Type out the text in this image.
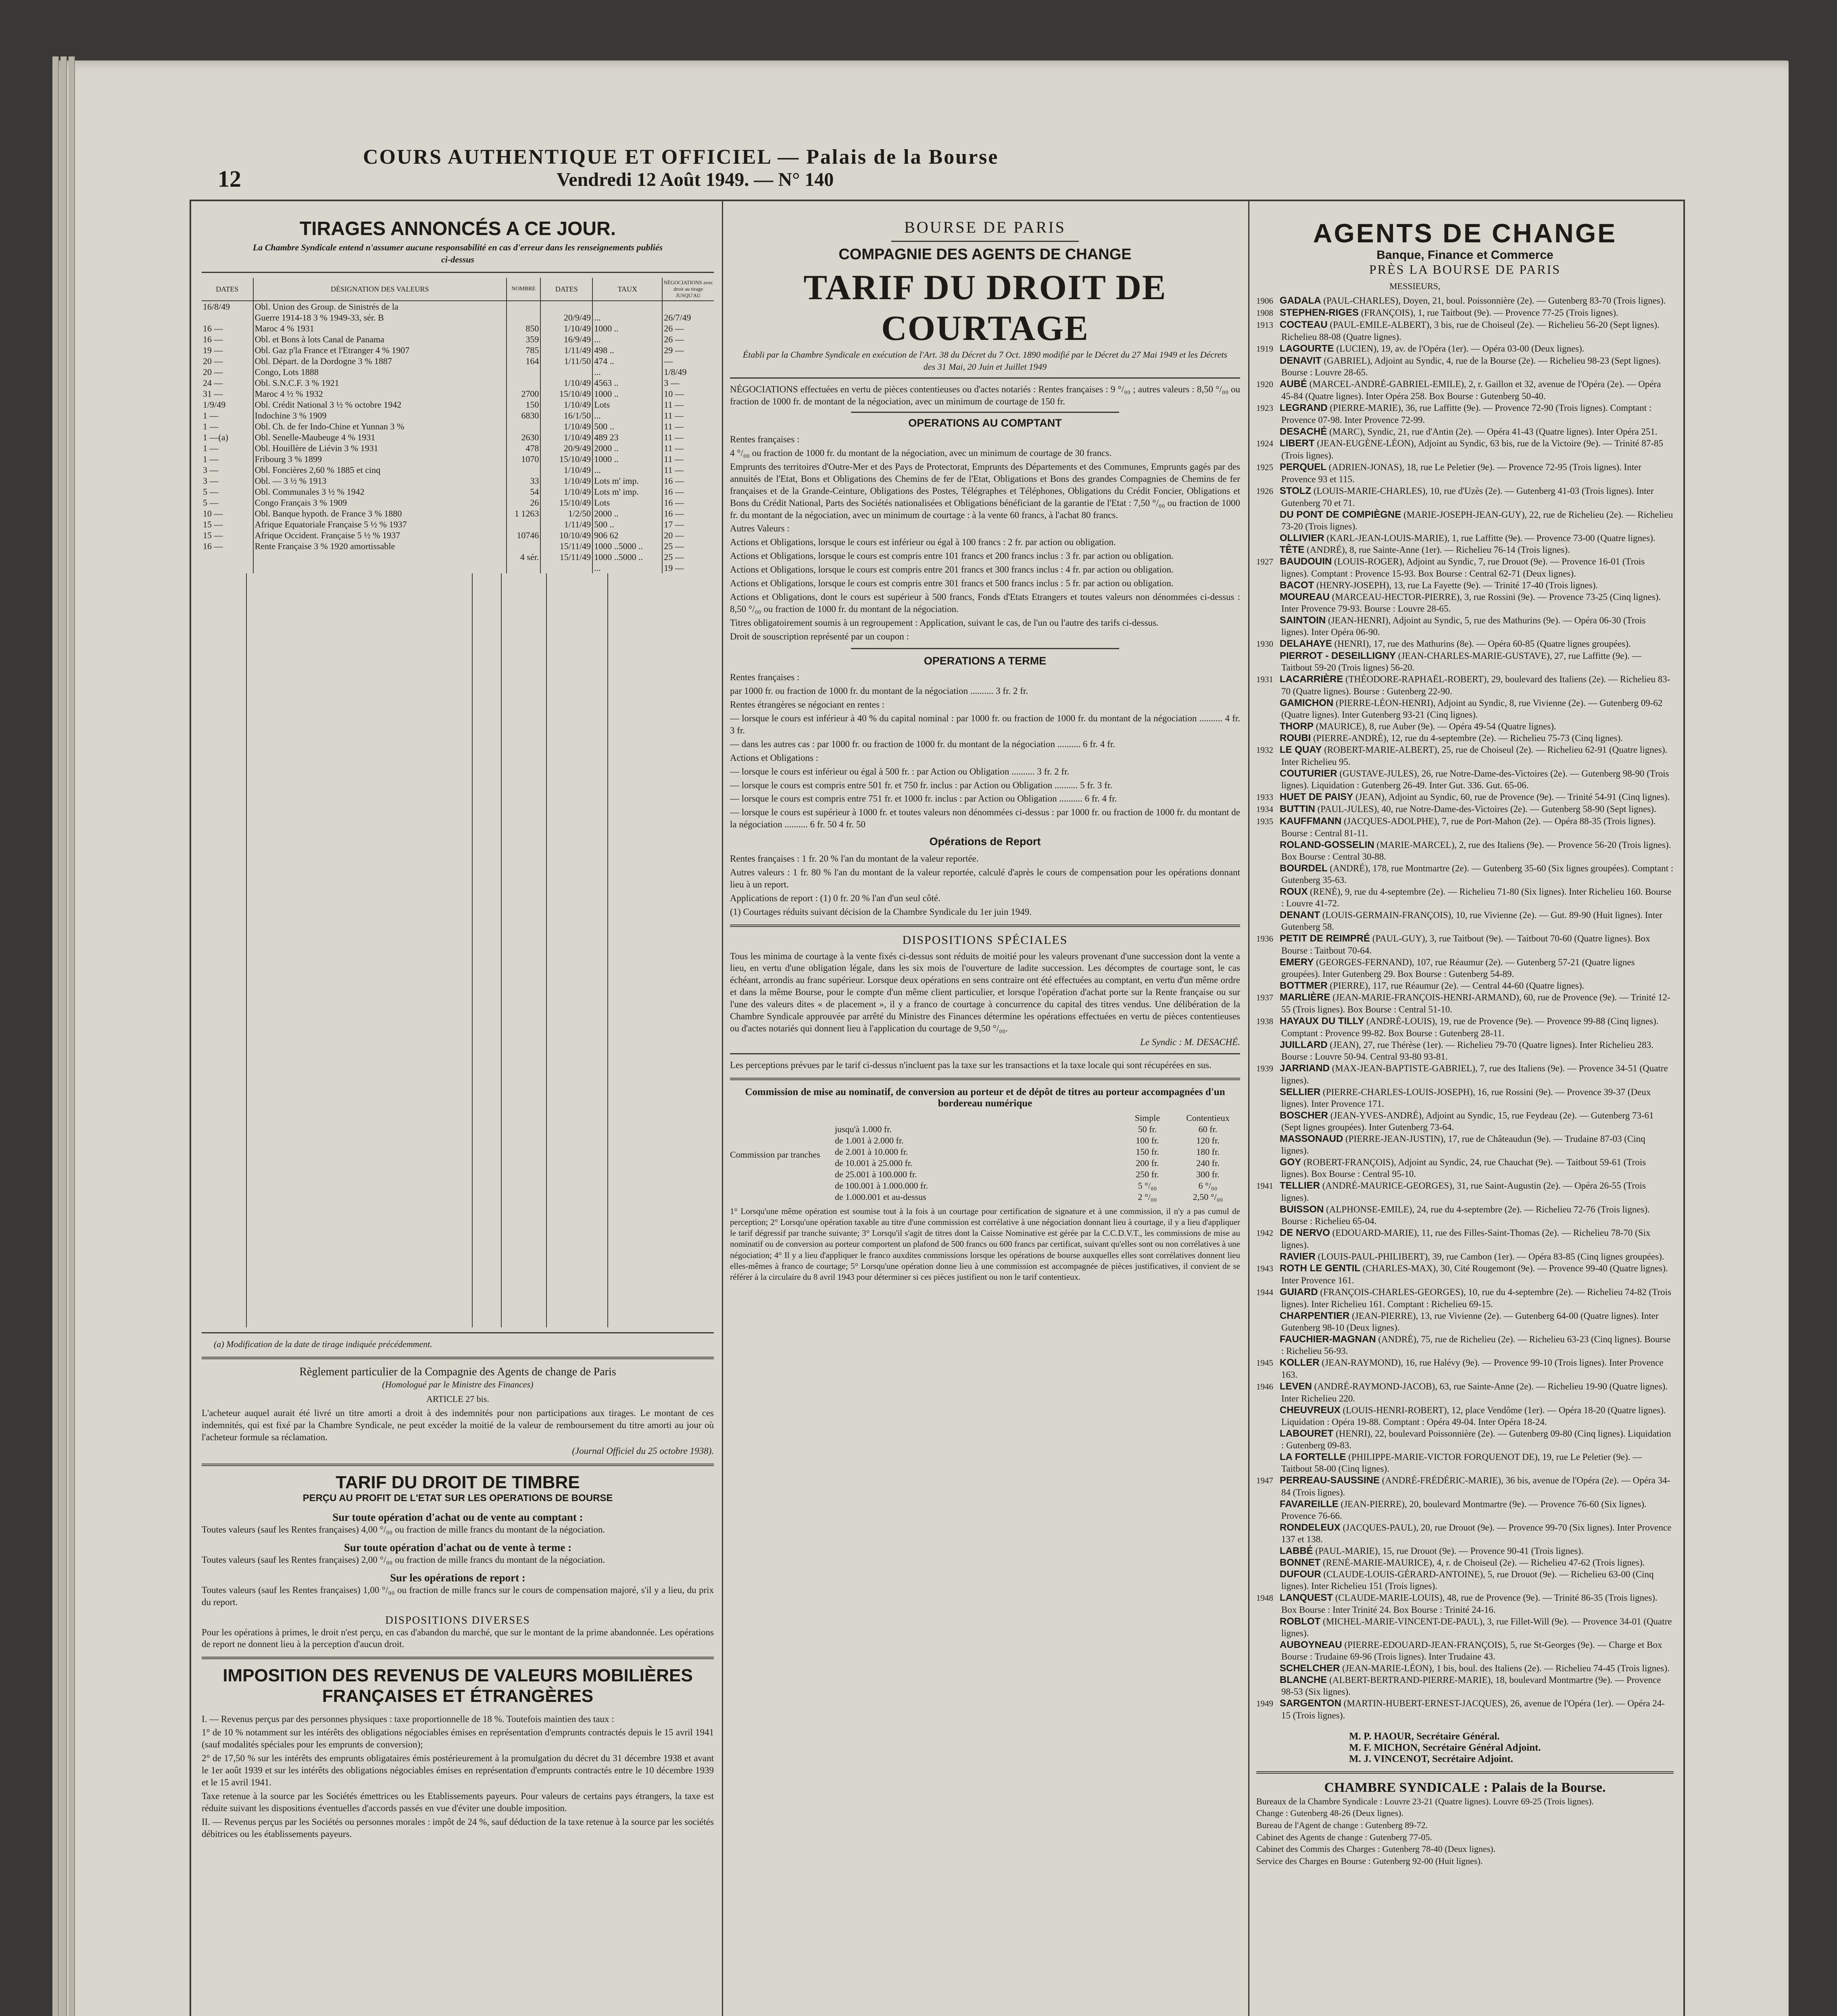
12
COURS AUTHENTIQUE ET OFFICIEL — Palais de la Bourse
Vendredi 12 Août 1949. — N° 140
TIRAGES ANNONCÉS A CE JOUR.
La Chambre Syndicale entend n'assumer aucune responsabilité en cas d'erreur dans les renseignements publiés ci-dessus
DATES	DÉSIGNATION DES VALEURS	NOMBRE	DATES	TAUX	NÉGOCIATIONS avec droit au tirage JUSQU'AU
16/8/49	Obl. Union des Group. de Sinistrés de la				
	Guerre 1914-18 3 % 1949-33, sér. B		20/9/49	...	26/7/49
16 —	Maroc 4 % 1931	850	1/10/49	1000 ..	26 —
16 —	Obl. et Bons à lots Canal de Panama	359	16/9/49	...	26 —
19 —	Obl. Gaz p'la France et l'Etranger 4 % 1907	785	1/11/49	498 ..	29 —
20 —	Obl. Départ. de la Dordogne 3 % 1887	164	1/11/50	474 ..	—
20 —	Congo, Lots 1888			...	1/8/49
24 —	Obl. S.N.C.F. 3 % 1921		1/10/49	4563 ..	3 —
31 —	Maroc 4 ½ % 1932	2700	15/10/49	1000 ..	10 —
1/9/49	Obl. Crédit National 3 ½ % octobre 1942	150	1/10/49	Lots	11 —
1 —	Indochine 3 % 1909	6830	16/1/50	...	11 —
1 —	Obl. Ch. de fer Indo-Chine et Yunnan 3 %		1/10/49	500 ..	11 —
1 —(a)	Obl. Senelle-Maubeuge 4 % 1931	2630	1/10/49	489 23	11 —
1 —	Obl. Houillère de Liévin 3 % 1931	478	20/9/49	2000 ..	11 —
1 —	Fribourg 3 % 1899	1070	15/10/49	1000 ..	11 —
3 —	Obl. Foncières 2,60 % 1885 et cinq		1/10/49	...	11 —
3 —	Obl. — 3 ½ % 1913	33	1/10/49	Lots m' imp.	16 —
5 —	Obl. Communales 3 ½ % 1942	54	1/10/49	Lots m' imp.	16 —
5 —	Congo Français 3 % 1909	26	15/10/49	Lots	16 —
10 —	Obl. Banque hypoth. de France 3 % 1880	1 1263	1/2/50	2000 ..	16 —
15 —	Afrique Equatoriale Française 5 ½ % 1937		1/11/49	500 ..	17 —
15 —	Afrique Occident. Française 5 ½ % 1937	10746	10/10/49	906 62	20 —
16 —	Rente Française 3 % 1920 amortissable		15/11/49	1000 ..5000 ..	25 —
		4 sér.	15/11/49	1000 ..5000 ..	25 —
				...	19 —
(a) Modification de la date de tirage indiquée précédemment.
Règlement particulier de la Compagnie des Agents de change de Paris
(Homologué par le Ministre des Finances)
ARTICLE 27 bis.
L'acheteur auquel aurait été livré un titre amorti a droit à des indemnités pour non participations aux tirages. Le montant de ces indemnités, qui est fixé par la Chambre Syndicale, ne peut excéder la moitié de la valeur de remboursement du titre amorti au jour où l'acheteur formule sa réclamation.
(Journal Officiel du 25 octobre 1938).
TARIF DU DROIT DE TIMBRE
PERÇU AU PROFIT DE L'ETAT SUR LES OPERATIONS DE BOURSE
Sur toute opération d'achat ou de vente au comptant :
Toutes valeurs (sauf les Rentes françaises) 4,00 °/₀₀ ou fraction de mille francs du montant de la négociation.
Sur toute opération d'achat ou de vente à terme :
Toutes valeurs (sauf les Rentes françaises) 2,00 °/₀₀ ou fraction de mille francs du montant de la négociation.
Sur les opérations de report :
Toutes valeurs (sauf les Rentes françaises) 1,00 °/₀₀ ou fraction de mille francs sur le cours de compensation majoré, s'il y a lieu, du prix du report.
DISPOSITIONS DIVERSES
Pour les opérations à primes, le droit n'est perçu, en cas d'abandon du marché, que sur le montant de la prime abandonnée. Les opérations de report ne donnent lieu à la perception d'aucun droit.
IMPOSITION DES REVENUS DE VALEURS MOBILIÈRES
FRANÇAISES ET ÉTRANGÈRES
I. — Revenus perçus par des personnes physiques : taxe proportionnelle de 18 %. Toutefois maintien des taux :
1° de 10 % notamment sur les intérêts des obligations négociables émises en représentation d'emprunts contractés depuis le 15 avril 1941 (sauf modalités spéciales pour les emprunts de conversion);
2° de 17,50 % sur les intérêts des emprunts obligataires émis postérieurement à la promulgation du décret du 31 décembre 1938 et avant le 1er août 1939 et sur les intérêts des obligations négociables émises en représentation d'emprunts contractés entre le 10 décembre 1939 et le 15 avril 1941.
Taxe retenue à la source par les Sociétés émettrices ou les Etablissements payeurs. Pour valeurs de certains pays étrangers, la taxe est réduite suivant les dispositions éventuelles d'accords passés en vue d'éviter une double imposition.
II. — Revenus perçus par les Sociétés ou personnes morales : impôt de 24 %, sauf déduction de la taxe retenue à la source par les sociétés débitrices ou les établissements payeurs.
BOURSE DE PARIS
COMPAGNIE DES AGENTS DE CHANGE
TARIF DU DROIT DE COURTAGE
Établi par la Chambre Syndicale en exécution de l'Art. 38 du Décret du 7 Oct. 1890 modifié par le Décret du 27 Mai 1949 et les Décrets des 31 Mai, 20 Juin et Juillet 1949
NÉGOCIATIONS effectuées en vertu de pièces contentieuses ou d'actes notariés : Rentes françaises : 9 °/₀₀ ; autres valeurs : 8,50 °/₀₀ ou fraction de 1000 fr. de montant de la négociation, avec un minimum de courtage de 150 fr.
OPERATIONS AU COMPTANT
Rentes françaises :
4 °/₀₀ ou fraction de 1000 fr. du montant de la négociation, avec un minimum de courtage de 30 francs.
Emprunts des territoires d'Outre-Mer et des Pays de Protectorat, Emprunts des Départements et des Communes, Emprunts gagés par des annuités de l'Etat, Bons et Obligations des Chemins de fer de l'Etat, Obligations et Bons des grandes Compagnies de Chemins de fer françaises et de la Grande-Ceinture, Obligations des Postes, Télégraphes et Téléphones, Obligations du Crédit Foncier, Obligations et Bons du Crédit National, Parts des Sociétés nationalisées et Obligations bénéficiant de la garantie de l'Etat : 7,50 °/₀₀ ou fraction de 1000 fr. du montant de la négociation, avec un minimum de courtage : à la vente 60 francs, à l'achat 80 francs.
Autres Valeurs :
Actions et Obligations, lorsque le cours est inférieur ou égal à 100 francs : 2 fr. par action ou obligation.
Actions et Obligations, lorsque le cours est compris entre 101 francs et 200 francs inclus : 3 fr. par action ou obligation.
Actions et Obligations, lorsque le cours est compris entre 201 francs et 300 francs inclus : 4 fr. par action ou obligation.
Actions et Obligations, lorsque le cours est compris entre 301 francs et 500 francs inclus : 5 fr. par action ou obligation.
Actions et Obligations, dont le cours est supérieur à 500 francs, Fonds d'Etats Etrangers et toutes valeurs non dénommées ci-dessus : 8,50 °/₀₀ ou fraction de 1000 fr. du montant de la négociation.
Titres obligatoirement soumis à un regroupement : Application, suivant le cas, de l'un ou l'autre des tarifs ci-dessus.
Droit de souscription représenté par un coupon :
OPERATIONS A TERME
Rentes françaises :
par 1000 fr. ou fraction de 1000 fr. du montant de la négociation .......... 3 fr. 2 fr.
Rentes étrangères se négociant en rentes :
— lorsque le cours est inférieur à 40 % du capital nominal : par 1000 fr. ou fraction de 1000 fr. du montant de la négociation .......... 4 fr. 3 fr.
— dans les autres cas : par 1000 fr. ou fraction de 1000 fr. du montant de la négociation .......... 6 fr. 4 fr.
Actions et Obligations :
— lorsque le cours est inférieur ou égal à 500 fr. : par Action ou Obligation .......... 3 fr. 2 fr.
— lorsque le cours est compris entre 501 fr. et 750 fr. inclus : par Action ou Obligation .......... 5 fr. 3 fr.
— lorsque le cours est compris entre 751 fr. et 1000 fr. inclus : par Action ou Obligation .......... 6 fr. 4 fr.
— lorsque le cours est supérieur à 1000 fr. et toutes valeurs non dénommées ci-dessus : par 1000 fr. ou fraction de 1000 fr. du montant de la négociation .......... 6 fr. 50 4 fr. 50
Opérations de Report
Rentes françaises : 1 fr. 20 % l'an du montant de la valeur reportée.
Autres valeurs : 1 fr. 80 % l'an du montant de la valeur reportée, calculé d'après le cours de compensation pour les opérations donnant lieu à un report.
Applications de report : (1) 0 fr. 20 % l'an d'un seul côté.
(1) Courtages réduits suivant décision de la Chambre Syndicale du 1er juin 1949.
DISPOSITIONS SPÉCIALES
Tous les minima de courtage à la vente fixés ci-dessus sont réduits de moitié pour les valeurs provenant d'une succession dont la vente a lieu, en vertu d'une obligation légale, dans les six mois de l'ouverture de ladite succession. Les décomptes de courtage sont, le cas échéant, arrondis au franc supérieur. Lorsque deux opérations en sens contraire ont été effectuées au comptant, en vertu d'un même ordre et dans la même Bourse, pour le compte d'un même client particulier, et lorsque l'opération d'achat porte sur la Rente française ou sur l'une des valeurs dites « de placement », il y a franco de courtage à concurrence du capital des titres vendus. Une délibération de la Chambre Syndicale approuvée par arrêté du Ministre des Finances détermine les opérations effectuées en vertu de pièces contentieuses ou d'actes notariés qui donnent lieu à l'application du courtage de 9,50 °/₀₀.
Le Syndic : M. DESACHÉ.
Les perceptions prévues par le tarif ci-dessus n'incluent pas la taxe sur les transactions et la taxe locale qui sont récupérées en sus.
Commission de mise au nominatif, de conversion au porteur et de dépôt de titres au porteur accompagnées d'un bordereau numérique
Commission par tranches
Simple	Contentieux
jusqu'à 1.000 fr.	50 fr.	60 fr.
de 1.001 à 2.000 fr.	100 fr.	120 fr.
de 2.001 à 10.000 fr.	150 fr.	180 fr.
de 10.001 à 25.000 fr.	200 fr.	240 fr.
de 25.001 à 100.000 fr.	250 fr.	300 fr.
de 100.001 à 1.000.000 fr.	5 °/₀₀	6 °/₀₀
de 1.000.001 et au-dessus	2 °/₀₀	2,50 °/₀₀
1° Lorsqu'une même opération est soumise tout à la fois à un courtage pour certification de signature et à une commission, il n'y a pas cumul de perception; 2° Lorsqu'une opération taxable au titre d'une commission est corrélative à une négociation donnant lieu à courtage, il y a lieu d'appliquer le tarif dégressif par tranche suivante; 3° Lorsqu'il s'agit de titres dont la Caisse Nominative est gérée par la C.C.D.V.T., les commissions de mise au nominatif ou de conversion au porteur comportent un plafond de 500 francs ou 600 francs par certificat, suivant qu'elles sont ou non corrélatives à une négociation; 4° Il y a lieu d'appliquer le franco auxdites commissions lorsque les opérations de bourse auxquelles elles sont corrélatives donnent lieu elles-mêmes à franco de courtage; 5° Lorsqu'une opération donne lieu à une commission est accompagnée de pièces justificatives, il convient de se référer à la circulaire du 8 avril 1943 pour déterminer si ces pièces justifient ou non le tarif contentieux.
AGENTS DE CHANGE
Banque, Finance et Commerce
PRÈS LA BOURSE DE PARIS
MESSIEURS,

1906 GADALA (PAUL-CHARLES), Doyen, 21, boul. Poissonnière (2e). — Gutenberg 83-70 (Trois lignes).

1908 STEPHEN-RIGES (FRANÇOIS), 1, rue Taitbout (9e). — Provence 77-25 (Trois lignes).

1913 COCTEAU (PAUL-EMILE-ALBERT), 3 bis, rue de Choiseul (2e). — Richelieu 56-20 (Sept lignes). Richelieu 88-08 (Quatre lignes).

1919 LAGOURTE (LUCIEN), 19, av. de l'Opéra (1er). — Opéra 03-00 (Deux lignes).

DENAVIT (GABRIEL), Adjoint au Syndic, 4, rue de la Bourse (2e). — Richelieu 98-23 (Sept lignes). Bourse : Louvre 28-65.

1920 AUBÉ (MARCEL-ANDRÉ-GABRIEL-EMILE), 2, r. Gaillon et 32, avenue de l'Opéra (2e). — Opéra 45-84 (Quatre lignes). Inter Opéra 258. Box Bourse : Gutenberg 50-40.

1923 LEGRAND (PIERRE-MARIE), 36, rue Laffitte (9e). — Provence 72-90 (Trois lignes). Comptant : Provence 07-98. Inter Provence 72-99.

DESACHÉ (MARC), Syndic, 21, rue d'Antin (2e). — Opéra 41-43 (Quatre lignes). Inter Opéra 251.

1924 LIBERT (JEAN-EUGÈNE-LÉON), Adjoint au Syndic, 63 bis, rue de la Victoire (9e). — Trinité 87-85 (Trois lignes).

1925 PERQUEL (ADRIEN-JONAS), 18, rue Le Peletier (9e). — Provence 72-95 (Trois lignes). Inter Provence 93 et 115.

1926 STOLZ (LOUIS-MARIE-CHARLES), 10, rue d'Uzès (2e). — Gutenberg 41-03 (Trois lignes). Inter Gutenberg 70 et 71.

DU PONT DE COMPIÈGNE (MARIE-JOSEPH-JEAN-GUY), 22, rue de Richelieu (2e). — Richelieu 73-20 (Trois lignes).

OLLIVIER (KARL-JEAN-LOUIS-MARIE), 1, rue Laffitte (9e). — Provence 73-00 (Quatre lignes).

TÊTE (ANDRÉ), 8, rue Sainte-Anne (1er). — Richelieu 76-14 (Trois lignes).

1927 BAUDOUIN (LOUIS-ROGER), Adjoint au Syndic, 7, rue Drouot (9e). — Provence 16-01 (Trois lignes). Comptant : Provence 15-93. Box Bourse : Central 62-71 (Deux lignes).

BACOT (HENRY-JOSEPH), 13, rue La Fayette (9e). — Trinité 17-40 (Trois lignes).

MOUREAU (MARCEAU-HECTOR-PIERRE), 3, rue Rossini (9e). — Provence 73-25 (Cinq lignes). Inter Provence 79-93. Bourse : Louvre 28-65.

SAINTOIN (JEAN-HENRI), Adjoint au Syndic, 5, rue des Mathurins (9e). — Opéra 06-30 (Trois lignes). Inter Opéra 06-90.

1930 DELAHAYE (HENRI), 17, rue des Mathurins (8e). — Opéra 60-85 (Quatre lignes groupées).

PIERROT - DESEILLIGNY (JEAN-CHARLES-MARIE-GUSTAVE), 27, rue Laffitte (9e). — Taitbout 59-20 (Trois lignes) 56-20.

1931 LACARRIÈRE (THÉODORE-RAPHAËL-ROBERT), 29, boulevard des Italiens (2e). — Richelieu 83-70 (Quatre lignes). Bourse : Gutenberg 22-90.

GAMICHON (PIERRE-LÉON-HENRI), Adjoint au Syndic, 8, rue Vivienne (2e). — Gutenberg 09-62 (Quatre lignes). Inter Gutenberg 93-21 (Cinq lignes).

THORP (MAURICE), 8, rue Auber (9e). — Opéra 49-54 (Quatre lignes).

ROUBI (PIERRE-ANDRÉ), 12, rue du 4-septembre (2e). — Richelieu 75-73 (Cinq lignes).

1932 LE QUAY (ROBERT-MARIE-ALBERT), 25, rue de Choiseul (2e). — Richelieu 62-91 (Quatre lignes). Inter Richelieu 95.

COUTURIER (GUSTAVE-JULES), 26, rue Notre-Dame-des-Victoires (2e). — Gutenberg 98-90 (Trois lignes). Liquidation : Gutenberg 26-49. Inter Gut. 336. Gut. 65-06.

1933 HUET DE PAISY (JEAN), Adjoint au Syndic, 60, rue de Provence (9e). — Trinité 54-91 (Cinq lignes).

1934 BUTTIN (PAUL-JULES), 40, rue Notre-Dame-des-Victoires (2e). — Gutenberg 58-90 (Sept lignes).

1935 KAUFFMANN (JACQUES-ADOLPHE), 7, rue de Port-Mahon (2e). — Opéra 88-35 (Trois lignes). Bourse : Central 81-11.

ROLAND-GOSSELIN (MARIE-MARCEL), 2, rue des Italiens (9e). — Provence 56-20 (Trois lignes). Box Bourse : Central 30-88.

BOURDEL (ANDRÉ), 178, rue Montmartre (2e). — Gutenberg 35-60 (Six lignes groupées). Comptant : Gutenberg 35-63.

ROUX (RENÉ), 9, rue du 4-septembre (2e). — Richelieu 71-80 (Six lignes). Inter Richelieu 160. Bourse : Louvre 41-72.

DENANT (LOUIS-GERMAIN-FRANÇOIS), 10, rue Vivienne (2e). — Gut. 89-90 (Huit lignes). Inter Gutenberg 58.

1936 PETIT DE REIMPRÉ (PAUL-GUY), 3, rue Taitbout (9e). — Taitbout 70-60 (Quatre lignes). Box Bourse : Taitbout 70-64.

EMERY (GEORGES-FERNAND), 107, rue Réaumur (2e). — Gutenberg 57-21 (Quatre lignes groupées). Inter Gutenberg 29. Box Bourse : Gutenberg 54-89.

BOTTMER (PIERRE), 117, rue Réaumur (2e). — Central 44-60 (Quatre lignes).

1937 MARLIÈRE (JEAN-MARIE-FRANÇOIS-HENRI-ARMAND), 60, rue de Provence (9e). — Trinité 12-55 (Trois lignes). Box Bourse : Central 51-10.

1938 HAYAUX DU TILLY (ANDRÉ-LOUIS), 19, rue de Provence (9e). — Provence 99-88 (Cinq lignes). Comptant : Provence 99-82. Box Bourse : Gutenberg 28-11.

JUILLARD (JEAN), 27, rue Thérèse (1er). — Richelieu 79-70 (Quatre lignes). Inter Richelieu 283. Bourse : Louvre 50-94. Central 93-80 93-81.

1939 JARRIAND (MAX-JEAN-BAPTISTE-GABRIEL), 7, rue des Italiens (9e). — Provence 34-51 (Quatre lignes).

SELLIER (PIERRE-CHARLES-LOUIS-JOSEPH), 16, rue Rossini (9e). — Provence 39-37 (Deux lignes). Inter Provence 171.

BOSCHER (JEAN-YVES-ANDRÉ), Adjoint au Syndic, 15, rue Feydeau (2e). — Gutenberg 73-61 (Sept lignes groupées). Inter Gutenberg 73-64.

MASSONAUD (PIERRE-JEAN-JUSTIN), 17, rue de Châteaudun (9e). — Trudaine 87-03 (Cinq lignes).

GOY (ROBERT-FRANÇOIS), Adjoint au Syndic, 24, rue Chauchat (9e). — Taitbout 59-61 (Trois lignes). Box Bourse : Central 95-10.

1941 TELLIER (ANDRÉ-MAURICE-GEORGES), 31, rue Saint-Augustin (2e). — Opéra 26-55 (Trois lignes).

BUISSON (ALPHONSE-EMILE), 24, rue du 4-septembre (2e). — Richelieu 72-76 (Trois lignes). Bourse : Richelieu 65-04.

1942 DE NERVO (EDOUARD-MARIE), 11, rue des Filles-Saint-Thomas (2e). — Richelieu 78-70 (Six lignes).

RAVIER (LOUIS-PAUL-PHILIBERT), 39, rue Cambon (1er). — Opéra 83-85 (Cinq lignes groupées).

1943 ROTH LE GENTIL (CHARLES-MAX), 30, Cité Rougemont (9e). — Provence 99-40 (Quatre lignes). Inter Provence 161.

1944 GUIARD (FRANÇOIS-CHARLES-GEORGES), 10, rue du 4-septembre (2e). — Richelieu 74-82 (Trois lignes). Inter Richelieu 161. Comptant : Richelieu 69-15.

CHARPENTIER (JEAN-PIERRE), 13, rue Vivienne (2e). — Gutenberg 64-00 (Quatre lignes). Inter Gutenberg 98-10 (Deux lignes).

FAUCHIER-MAGNAN (ANDRÉ), 75, rue de Richelieu (2e). — Richelieu 63-23 (Cinq lignes). Bourse : Richelieu 56-93.

1945 KOLLER (JEAN-RAYMOND), 16, rue Halévy (9e). — Provence 99-10 (Trois lignes). Inter Provence 163.

1946 LEVEN (ANDRÉ-RAYMOND-JACOB), 63, rue Sainte-Anne (2e). — Richelieu 19-90 (Quatre lignes). Inter Richelieu 220.

CHEUVREUX (LOUIS-HENRI-ROBERT), 12, place Vendôme (1er). — Opéra 18-20 (Quatre lignes). Liquidation : Opéra 19-88. Comptant : Opéra 49-04. Inter Opéra 18-24.

LABOURET (HENRI), 22, boulevard Poissonnière (2e). — Gutenberg 09-80 (Cinq lignes). Liquidation : Gutenberg 09-83.

LA FORTELLE (PHILIPPE-MARIE-VICTOR FORQUENOT DE), 19, rue Le Peletier (9e). — Taitbout 58-00 (Cinq lignes).

1947 PERREAU-SAUSSINE (ANDRÉ-FRÉDÉRIC-MARIE), 36 bis, avenue de l'Opéra (2e). — Opéra 34-84 (Trois lignes).

FAVAREILLE (JEAN-PIERRE), 20, boulevard Montmartre (9e). — Provence 76-60 (Six lignes). Provence 76-66.

RONDELEUX (JACQUES-PAUL), 20, rue Drouot (9e). — Provence 99-70 (Six lignes). Inter Provence 137 et 138.

LABBÉ (PAUL-MARIE), 15, rue Drouot (9e). — Provence 90-41 (Trois lignes).

BONNET (RENÉ-MARIE-MAURICE), 4, r. de Choiseul (2e). — Richelieu 47-62 (Trois lignes).

DUFOUR (CLAUDE-LOUIS-GÉRARD-ANTOINE), 5, rue Drouot (9e). — Richelieu 63-00 (Cinq lignes). Inter Richelieu 151 (Trois lignes).

1948 LANQUEST (CLAUDE-MARIE-LOUIS), 48, rue de Provence (9e). — Trinité 86-35 (Trois lignes). Box Bourse : Inter Trinité 24. Box Bourse : Trinité 24-16.

ROBLOT (MICHEL-MARIE-VINCENT-DE-PAUL), 3, rue Fillet-Will (9e). — Provence 34-01 (Quatre lignes).

AUBOYNEAU (PIERRE-EDOUARD-JEAN-FRANÇOIS), 5, rue St-Georges (9e). — Charge et Box Bourse : Trudaine 69-96 (Trois lignes). Inter Trudaine 43.

SCHELCHER (JEAN-MARIE-LÉON), 1 bis, boul. des Italiens (2e). — Richelieu 74-45 (Trois lignes).

BLANCHE (ALBERT-BERTRAND-PIERRE-MARIE), 18, boulevard Montmartre (9e). — Provence 98-53 (Six lignes).

1949 SARGENTON (MARTIN-HUBERT-ERNEST-JACQUES), 26, avenue de l'Opéra (1er). — Opéra 24-15 (Trois lignes).

M. P. HAOUR, Secrétaire Général.
M. F. MICHON, Secrétaire Général Adjoint.
M. J. VINCENOT, Secrétaire Adjoint.
CHAMBRE SYNDICALE : Palais de la Bourse.
Bureaux de la Chambre Syndicale : Louvre 23-21 (Quatre lignes). Louvre 69-25 (Trois lignes).
Change : Gutenberg 48-26 (Deux lignes).
Bureau de l'Agent de change : Gutenberg 89-72.
Cabinet des Agents de change : Gutenberg 77-05.
Cabinet des Commis des Charges : Gutenberg 78-40 (Deux lignes).
Service des Charges en Bourse : Gutenberg 92-00 (Huit lignes).
